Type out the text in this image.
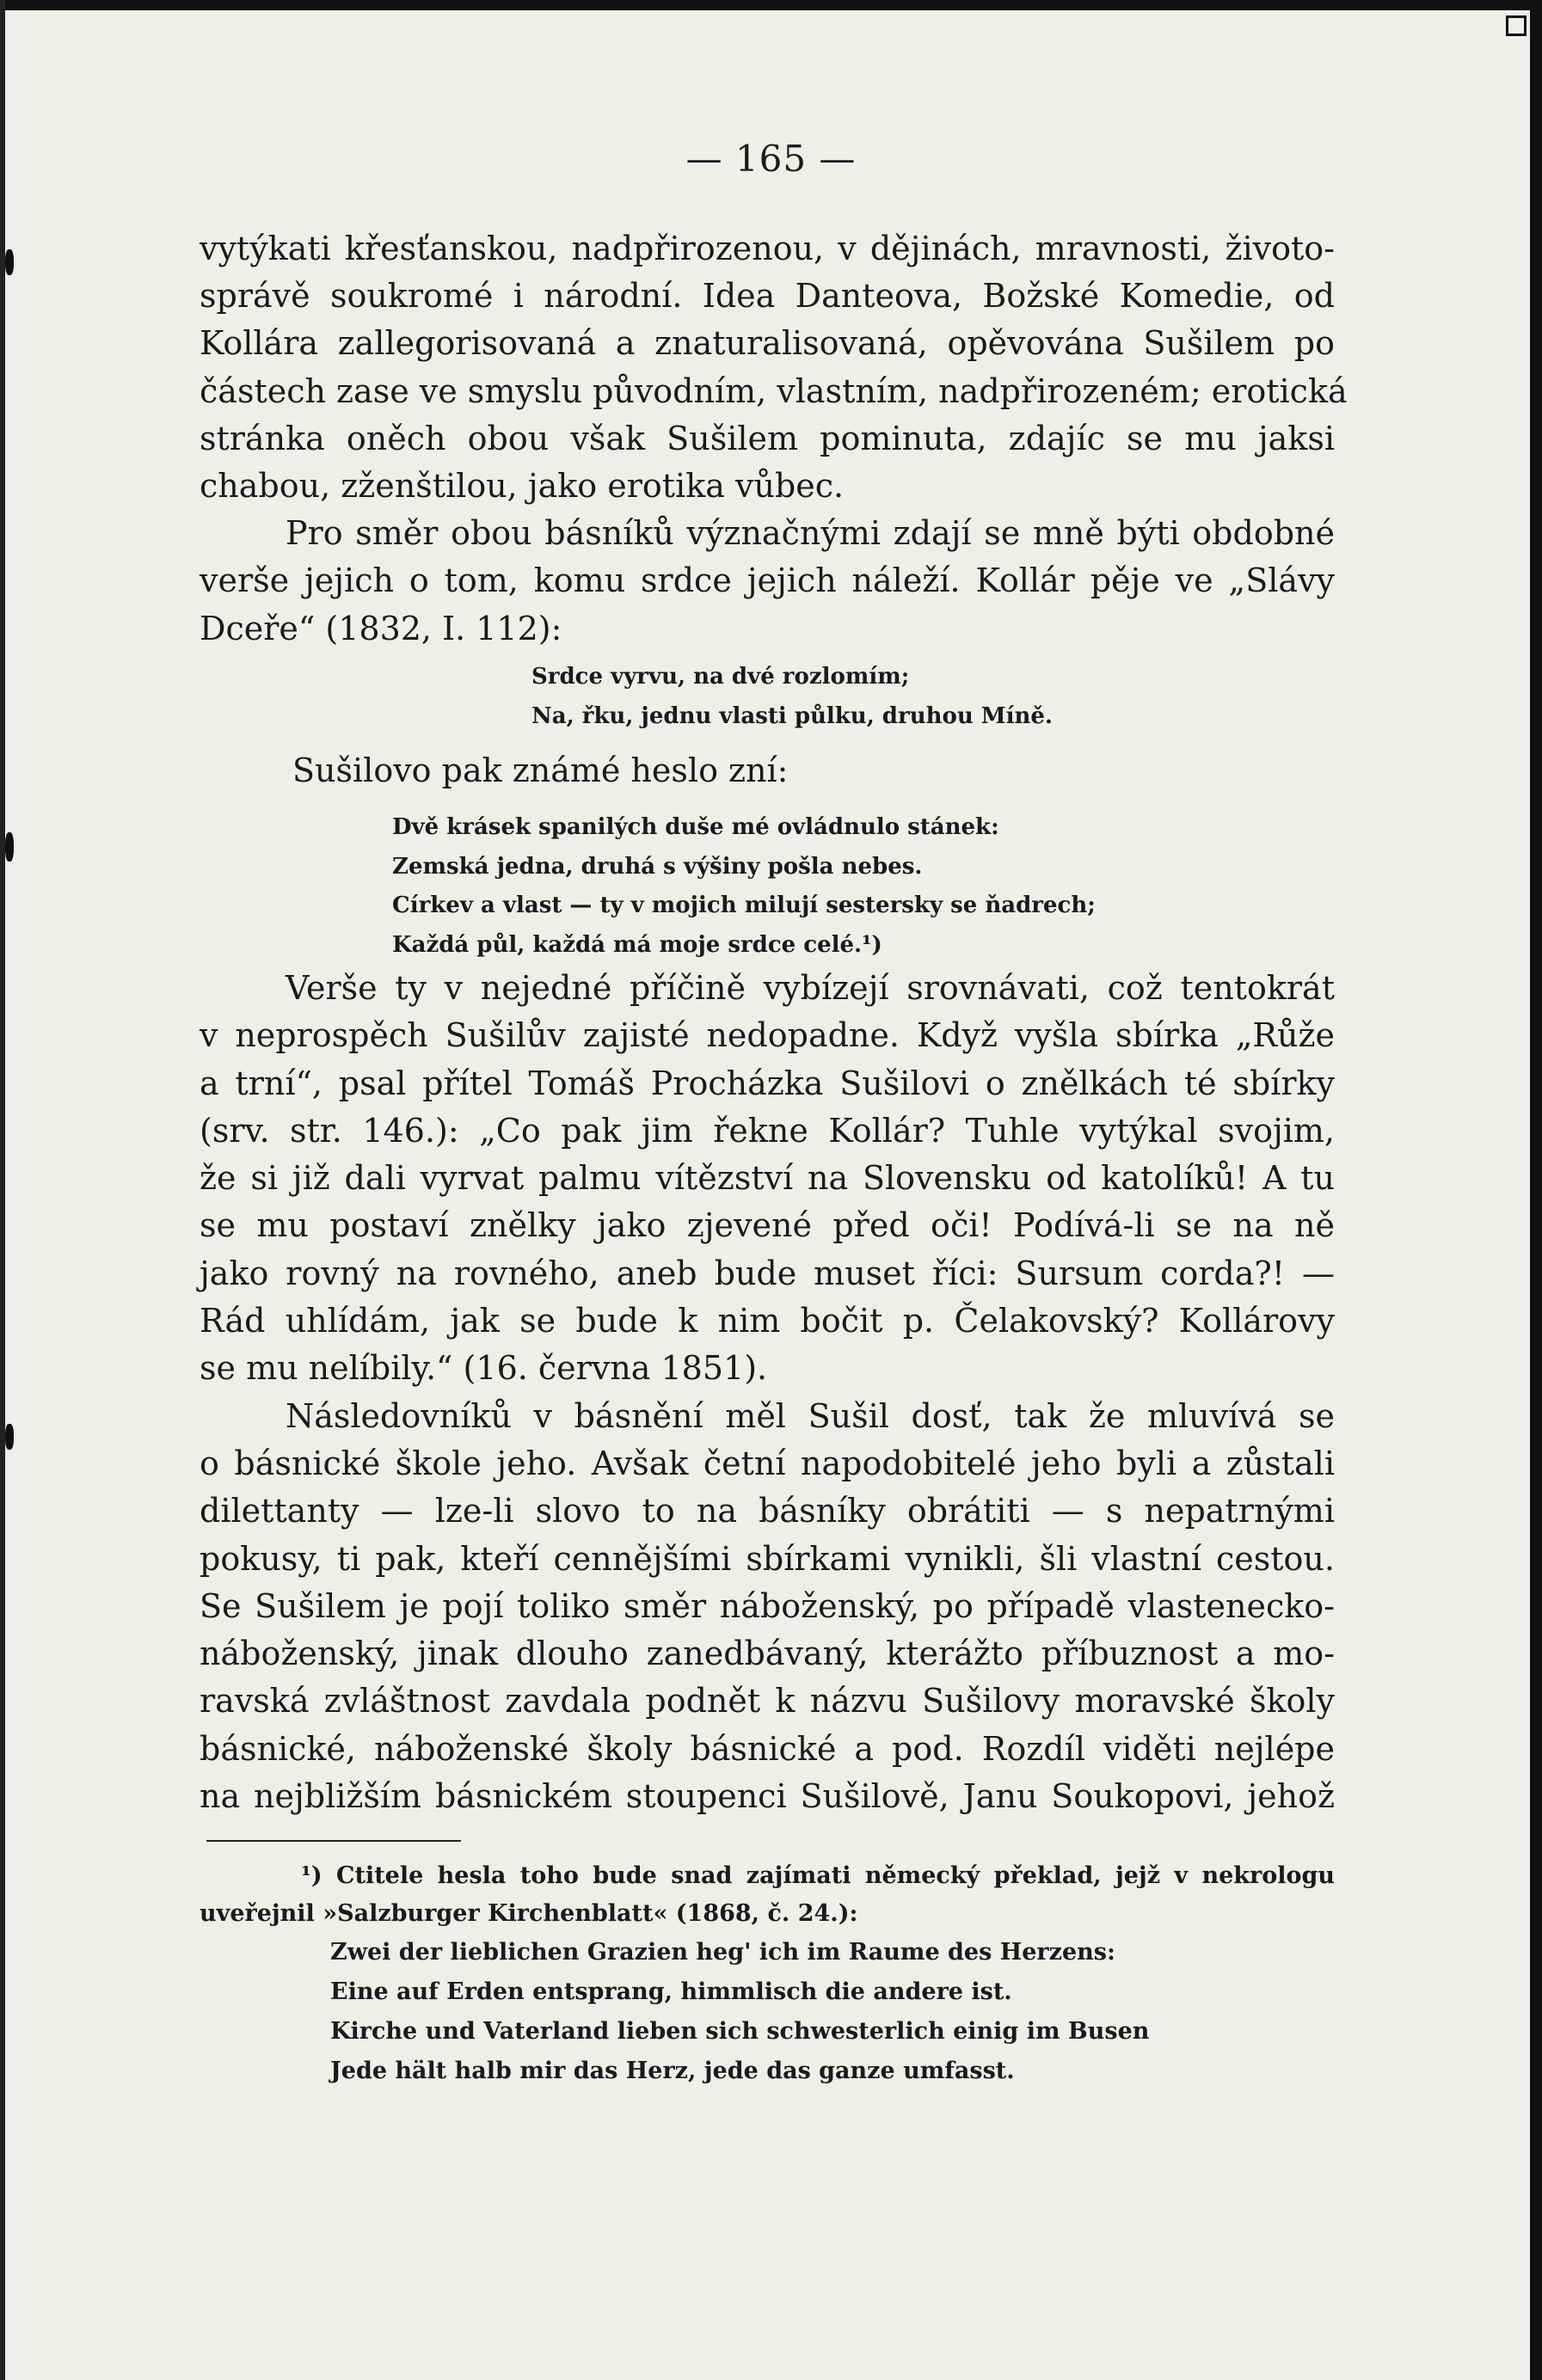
— 165 —
vytýkati křesťanskou, nadpřirozenou, v dějinách, mravnosti, životo-
správě soukromé i národní. Idea Danteova, Božské Komedie, od
Kollára zallegorisovaná a znaturalisovaná, opěvována Sušilem po
částech zase ve smyslu původním, vlastním, nadpřirozeném; erotická
stránka oněch obou však Sušilem pominuta, zdajíc se mu jaksi
chabou, zženštilou, jako erotika vůbec.
Pro směr obou básníků význačnými zdají se mně býti obdobné
verše jejich o tom, komu srdce jejich náleží. Kollár pěje ve „Slávy
Dceře“ (1832, I. 112):
Srdce vyrvu, na dvé rozlomím;
Na, řku, jednu vlasti půlku, druhou Míně.
Sušilovo pak známé heslo zní:
Dvě krásek spanilých duše mé ovládnulo stánek:
Zemská jedna, druhá s výšiny pošla nebes.
Církev a vlast — ty v mojich milují sestersky se ňadrech;
Každá půl, každá má moje srdce celé.¹)
Verše ty v nejedné příčině vybízejí srovnávati, což tentokrát
v neprospěch Sušilův zajisté nedopadne. Když vyšla sbírka „Růže
a trní“, psal přítel Tomáš Procházka Sušilovi o znělkách té sbírky
(srv. str. 146.): „Co pak jim řekne Kollár? Tuhle vytýkal svojim,
že si již dali vyrvat palmu vítězství na Slovensku od katolíků! A tu
se mu postaví znělky jako zjevené před oči! Podívá-li se na ně
jako rovný na rovného, aneb bude muset říci: Sursum corda?! —
Rád uhlídám, jak se bude k nim bočit p. Čelakovský? Kollárovy
se mu nelíbily.“ (16. června 1851).
Následovníků v básnění měl Sušil dosť, tak že mluvívá se
o básnické škole jeho. Avšak četní napodobitelé jeho byli a zůstali
dilettanty — lze-li slovo to na básníky obrátiti — s nepatrnými
pokusy, ti pak, kteří cennějšími sbírkami vynikli, šli vlastní cestou.
Se Sušilem je pojí toliko směr náboženský, po případě vlastenecko-
náboženský, jinak dlouho zanedbávaný, kterážto příbuznost a mo-
ravská zvláštnost zavdala podnět k názvu Sušilovy moravské školy
básnické, náboženské školy básnické a pod. Rozdíl viděti nejlépe
na nejbližším básnickém stoupenci Sušilově, Janu Soukopovi, jehož
¹) Ctitele hesla toho bude snad zajímati německý překlad, jejž v nekrologu
uveřejnil »Salzburger Kirchenblatt« (1868, č. 24.):
Zwei der lieblichen Grazien heg' ich im Raume des Herzens:
Eine auf Erden entsprang, himmlisch die andere ist.
Kirche und Vaterland lieben sich schwesterlich einig im Busen
Jede hält halb mir das Herz, jede das ganze umfasst.
